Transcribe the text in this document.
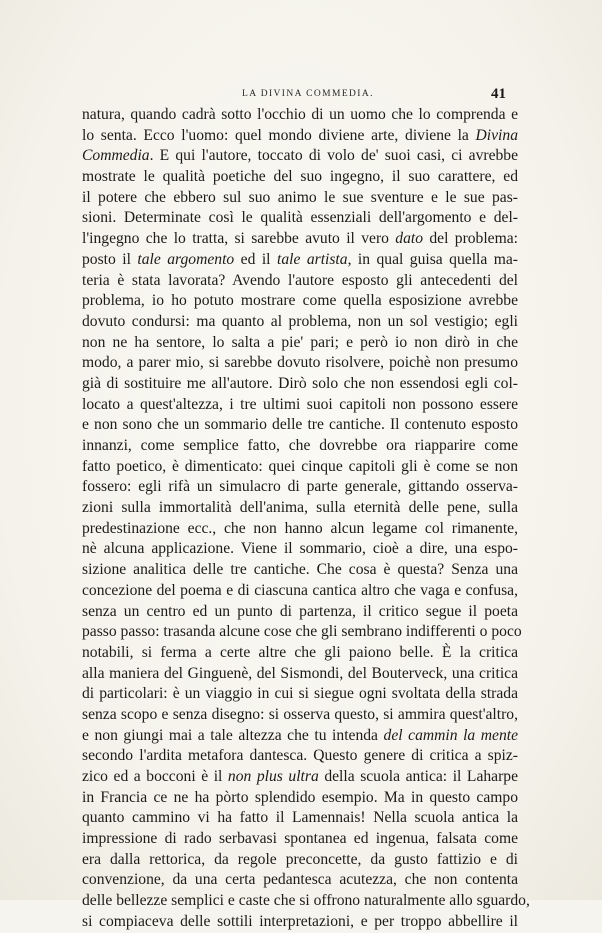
LA DIVINA COMMEDIA.	41
natura, quando cadrà sotto l'occhio di un uomo che lo comprenda e
lo senta. Ecco l'uomo: quel mondo diviene arte, diviene la Divina
Commedia. E qui l'autore, toccato di volo de' suoi casi, ci avrebbe
mostrate le qualità poetiche del suo ingegno, il suo carattere, ed
il potere che ebbero sul suo animo le sue sventure e le sue pas-
sioni. Determinate così le qualità essenziali dell'argomento e del-
l'ingegno che lo tratta, si sarebbe avuto il vero dato del problema:
posto il tale argomento ed il tale artista, in qual guisa quella ma-
teria è stata lavorata? Avendo l'autore esposto gli antecedenti del
problema, io ho potuto mostrare come quella esposizione avrebbe
dovuto condursi: ma quanto al problema, non un sol vestigio; egli
non ne ha sentore, lo salta a pie' pari; e però io non dirò in che
modo, a parer mio, si sarebbe dovuto risolvere, poichè non presumo
già di sostituire me all'autore. Dirò solo che non essendosi egli col-
locato a quest'altezza, i tre ultimi suoi capitoli non possono essere
e non sono che un sommario delle tre cantiche. Il contenuto esposto
innanzi, come semplice fatto, che dovrebbe ora riapparire come
fatto poetico, è dimenticato: quei cinque capitoli gli è come se non
fossero: egli rifà un simulacro di parte generale, gittando osserva-
zioni sulla immortalità dell'anima, sulla eternità delle pene, sulla
predestinazione ecc., che non hanno alcun legame col rimanente,
nè alcuna applicazione. Viene il sommario, cioè a dire, una espo-
sizione analitica delle tre cantiche. Che cosa è questa? Senza una
concezione del poema e di ciascuna cantica altro che vaga e confusa,
senza un centro ed un punto di partenza, il critico segue il poeta
passo passo: trasanda alcune cose che gli sembrano indifferenti o poco
notabili, si ferma a certe altre che gli paiono belle. È la critica
alla maniera del Ginguenè, del Sismondi, del Bouterveck, una critica
di particolari: è un viaggio in cui si siegue ogni svoltata della strada
senza scopo e senza disegno: si osserva questo, si ammira quest'altro,
e non giungi mai a tale altezza che tu intenda del cammin la mente
secondo l'ardita metafora dantesca. Questo genere di critica a spiz-
zico ed a bocconi è il non plus ultra della scuola antica: il Laharpe
in Francia ce ne ha pòrto splendido esempio. Ma in questo campo
quanto cammino vi ha fatto il Lamennais! Nella scuola antica la
impressione di rado serbavasi spontanea ed ingenua, falsata come
era dalla rettorica, da regole preconcette, da gusto fattizio e di
convenzione, da una certa pedantesca acutezza, che non contenta
delle bellezze semplici e caste che si offrono naturalmente allo sguardo,
si compiaceva delle sottili interpretazioni, e per troppo abbellire il
